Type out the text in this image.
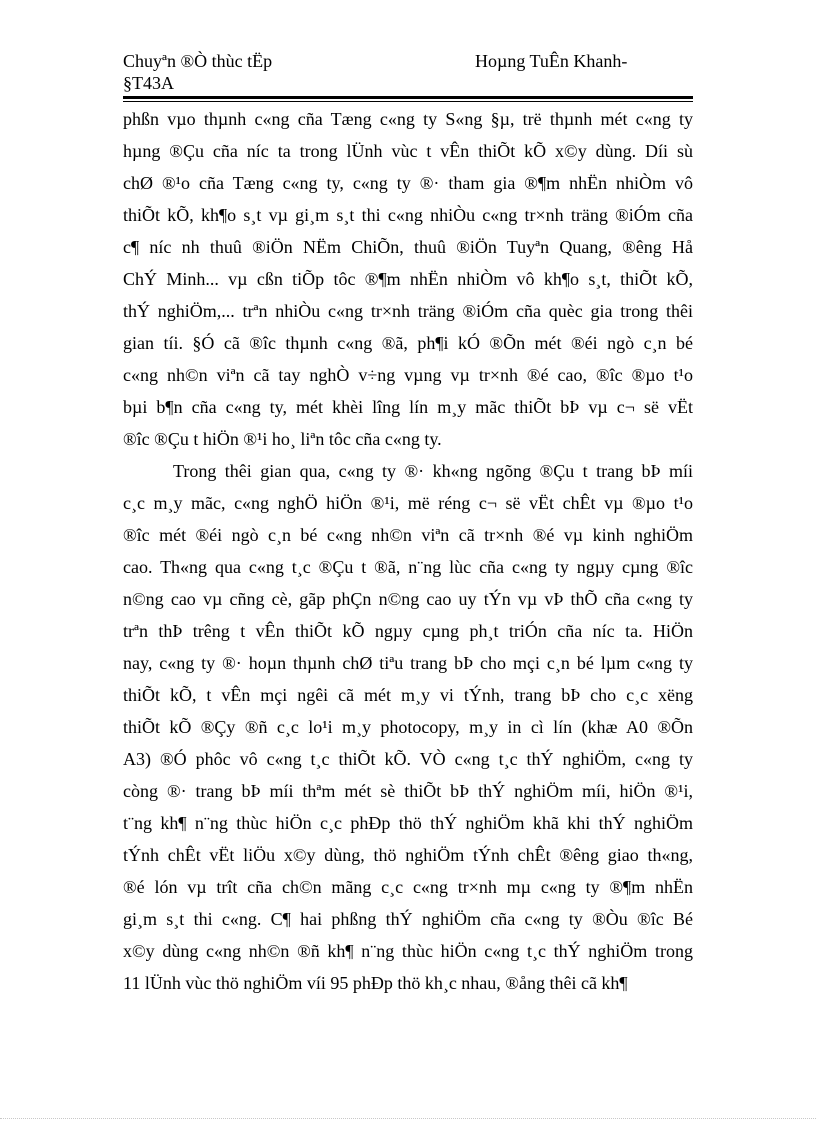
Chuyªn ®Ò thùc tËp	Hoµng TuÊn Khanh-
§T43A
phßn vµo thµnh c«ng cña Tæng c«ng ty S«ng §µ, trë thµnh mét c«ng ty
hµng ®Çu cña níc ta trong lÜnh vùc t vÊn thiÕt kÕ x©y dùng. Díi sù
chØ ®¹o cña Tæng c«ng ty, c«ng ty ®· tham gia ®¶m nhËn nhiÒm vô
thiÕt kÕ, kh¶o s¸t vµ gi¸m s¸t thi c«ng nhiÒu c«ng tr×nh träng ®iÓm cña
c¶ níc nh thuû ®iÖn NËm ChiÕn, thuû ®iÖn Tuyªn Quang, ®êng Hå
ChÝ Minh... vµ cßn tiÕp tôc ®¶m nhËn nhiÒm vô kh¶o s¸t, thiÕt kÕ,
thÝ nghiÖm,... trªn nhiÒu c«ng tr×nh träng ®iÓm cña quèc gia trong thêi
gian tíi. §Ó cã ®îc thµnh c«ng ®ã, ph¶i kÓ ®Õn mét ®éi ngò c¸n bé
c«ng nh©n viªn cã tay nghÒ v÷ng vµng vµ tr×nh ®é cao, ®îc ®µo t¹o
bµi b¶n cña c«ng ty, mét khèi lîng lín m¸y mãc thiÕt bÞ vµ c¬ së vËt
®îc ®Çu t hiÖn ®¹i ho¸ liªn tôc cña c«ng ty.
Trong thêi gian qua, c«ng ty ®· kh«ng ngõng ®Çu t trang bÞ míi
c¸c m¸y mãc, c«ng nghÖ hiÖn ®¹i, më réng c¬ së vËt chÊt vµ ®µo t¹o
®îc mét ®éi ngò c¸n bé c«ng nh©n viªn cã tr×nh ®é vµ kinh nghiÖm
cao. Th«ng qua c«ng t¸c ®Çu t ®ã, n¨ng lùc cña c«ng ty ngµy cµng ®îc
n©ng cao vµ cñng cè, gãp phÇn n©ng cao uy tÝn vµ vÞ thÕ cña c«ng ty
trªn thÞ trêng t vÊn thiÕt kÕ ngµy cµng ph¸t triÓn cña níc ta. HiÖn
nay, c«ng ty ®· hoµn thµnh chØ tiªu trang bÞ cho mçi c¸n bé lµm c«ng ty
thiÕt kÕ, t vÊn mçi ngêi cã mét m¸y vi tÝnh, trang bÞ cho c¸c xëng
thiÕt kÕ ®Çy ®ñ c¸c lo¹i m¸y photocopy, m¸y in cì lín (khæ A0 ®Õn
A3) ®Ó phôc vô c«ng t¸c thiÕt kÕ. VÒ c«ng t¸c thÝ nghiÖm, c«ng ty
còng ®· trang bÞ míi thªm mét sè thiÕt bÞ thÝ nghiÖm míi, hiÖn ®¹i,
t¨ng kh¶ n¨ng thùc hiÖn c¸c phÐp thö thÝ nghiÖm khã khi thÝ nghiÖm
tÝnh chÊt vËt liÖu x©y dùng, thö nghiÖm tÝnh chÊt ®êng giao th«ng,
®é lón vµ trît cña ch©n mãng c¸c c«ng tr×nh mµ c«ng ty ®¶m nhËn
gi¸m s¸t thi c«ng. C¶ hai phßng thÝ nghiÖm cña c«ng ty ®Òu ®îc Bé
x©y dùng c«ng nh©n ®ñ kh¶ n¨ng thùc hiÖn c«ng t¸c thÝ nghiÖm trong
11 lÜnh vùc thö nghiÖm víi 95 phÐp thö kh¸c nhau, ®ång thêi cã kh¶
